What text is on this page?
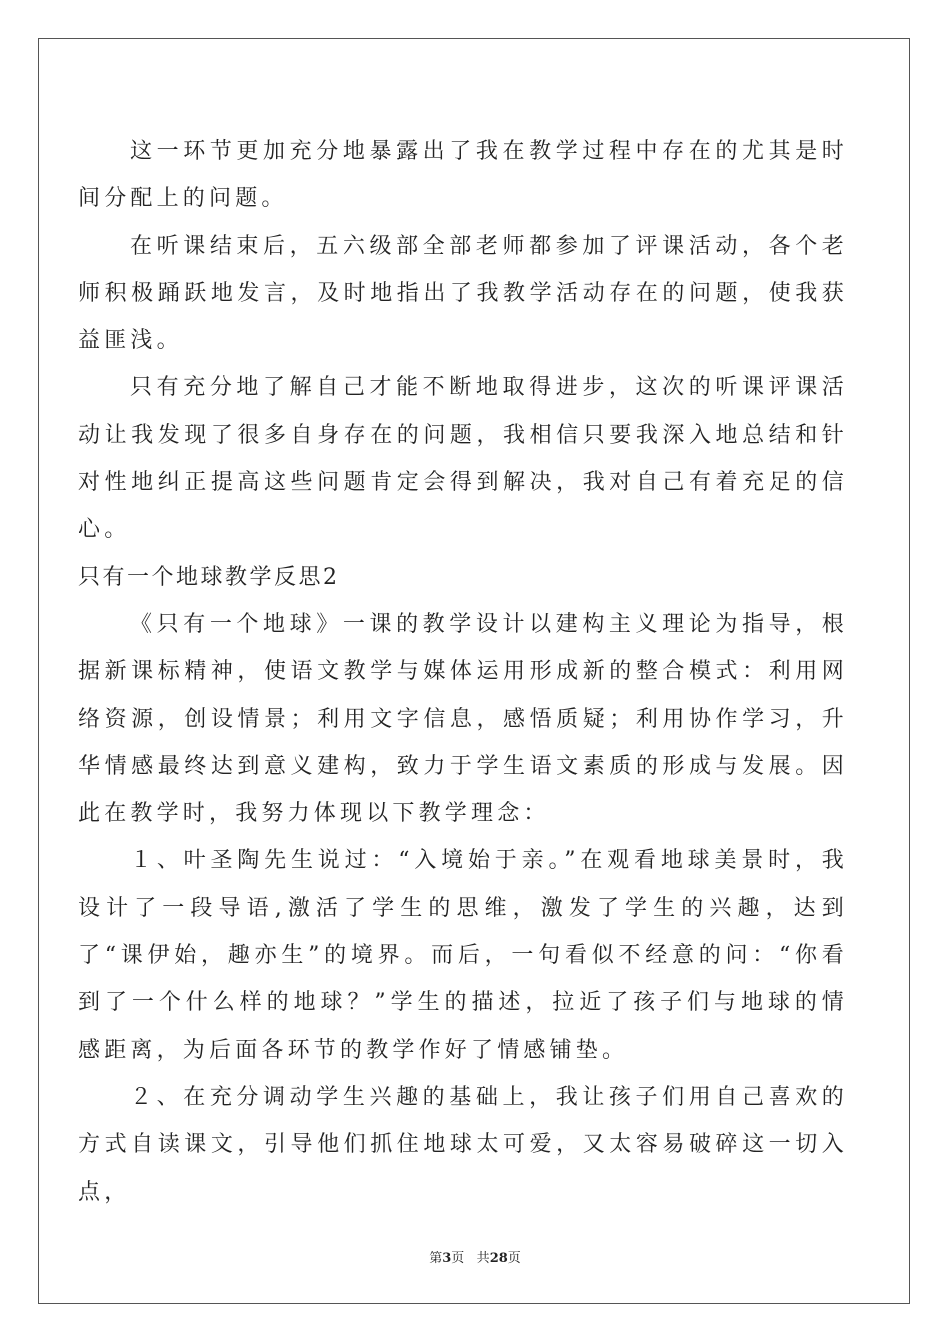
这一环节更加充分地暴露出了我在教学过程中存在的尤其是时间分配上的问题。

在听课结束后，五六级部全部老师都参加了评课活动，各个老师积极踊跃地发言，及时地指出了我教学活动存在的问题，使我获益匪浅。

只有充分地了解自己才能不断地取得进步，这次的听课评课活动让我发现了很多自身存在的问题，我相信只要我深入地总结和针对性地纠正提高这些问题肯定会得到解决，我对自己有着充足的信心。

只有一个地球教学反思2

《只有一个地球》一课的教学设计以建构主义理论为指导，根据新课标精神，使语文教学与媒体运用形成新的整合模式：利用网络资源，创设情景；利用文字信息，感悟质疑；利用协作学习，升华情感最终达到意义建构，致力于学生语文素质的形成与发展。因此在教学时，我努力体现以下教学理念：

１、叶圣陶先生说过：“入境始于亲。”在观看地球美景时，我设计了一段导语,激活了学生的思维，激发了学生的兴趣，达到了“课伊始，趣亦生”的境界。而后，一句看似不经意的问：“你看到了一个什么样的地球？”学生的描述，拉近了孩子们与地球的情感距离，为后面各环节的教学作好了情感铺垫。

２、在充分调动学生兴趣的基础上，我让孩子们用自己喜欢的方式自读课文，引导他们抓住地球太可爱，又太容易破碎这一切入点，

第3页 共28页
